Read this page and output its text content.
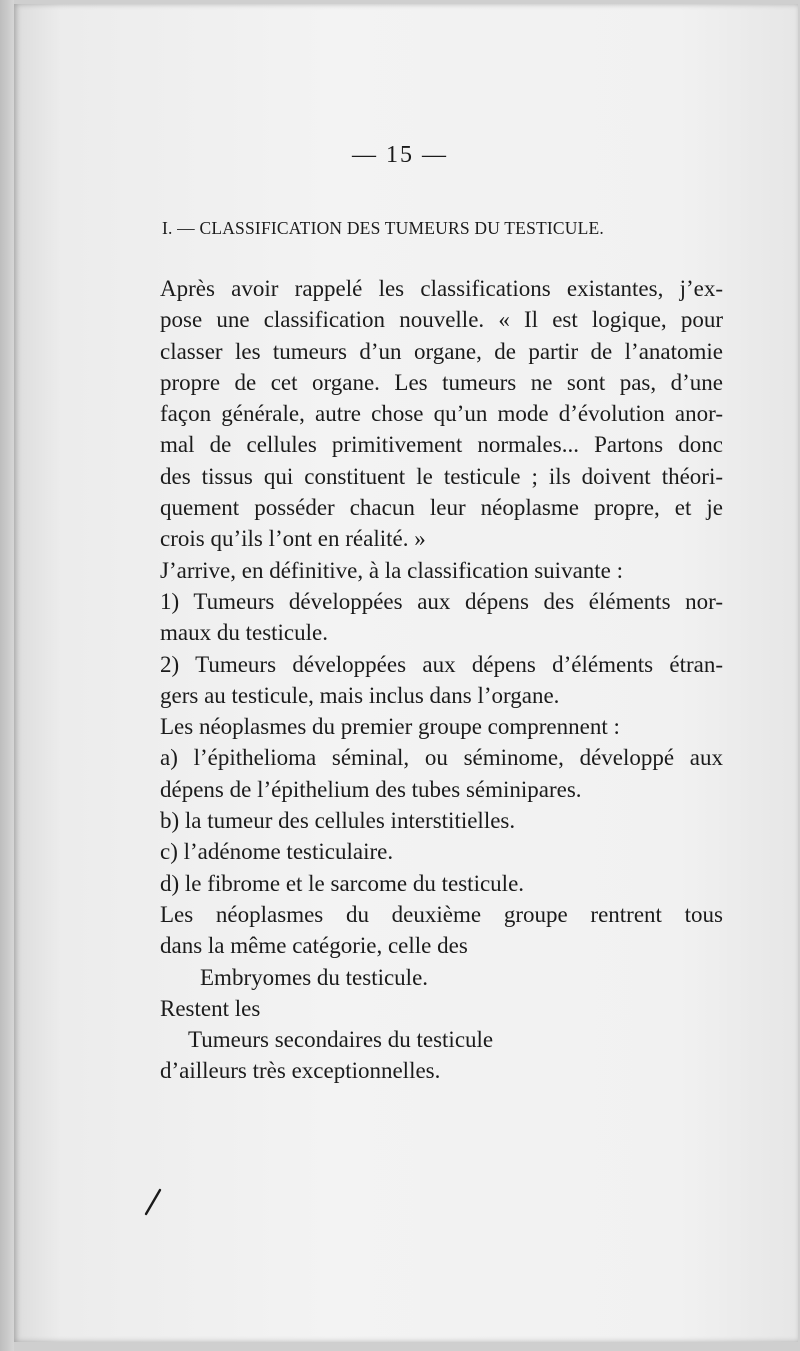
— 15 —
I. — CLASSIFICATION DES TUMEURS DU TESTICULE.
Après avoir rappelé les classifications existantes, j’ex-
pose une classification nouvelle. « Il est logique, pour
classer les tumeurs d’un organe, de partir de l’anatomie
propre de cet organe. Les tumeurs ne sont pas, d’une
façon générale, autre chose qu’un mode d’évolution anor-
mal de cellules primitivement normales... Partons donc
des tissus qui constituent le testicule ; ils doivent théori-
quement posséder chacun leur néoplasme propre, et je
crois qu’ils l’ont en réalité. »
J’arrive, en définitive, à la classification suivante :
1) Tumeurs développées aux dépens des éléments nor-
maux du testicule.
2) Tumeurs développées aux dépens d’éléments étran-
gers au testicule, mais inclus dans l’organe.
Les néoplasmes du premier groupe comprennent :
a) l’épithelioma séminal, ou séminome, développé aux
dépens de l’épithelium des tubes séminipares.
b) la tumeur des cellules interstitielles.
c) l’adénome testiculaire.
d) le fibrome et le sarcome du testicule.
Les néoplasmes du deuxième groupe rentrent tous
dans la même catégorie, celle des
Embryomes du testicule.
Restent les
Tumeurs secondaires du testicule
d’ailleurs très exceptionnelles.
